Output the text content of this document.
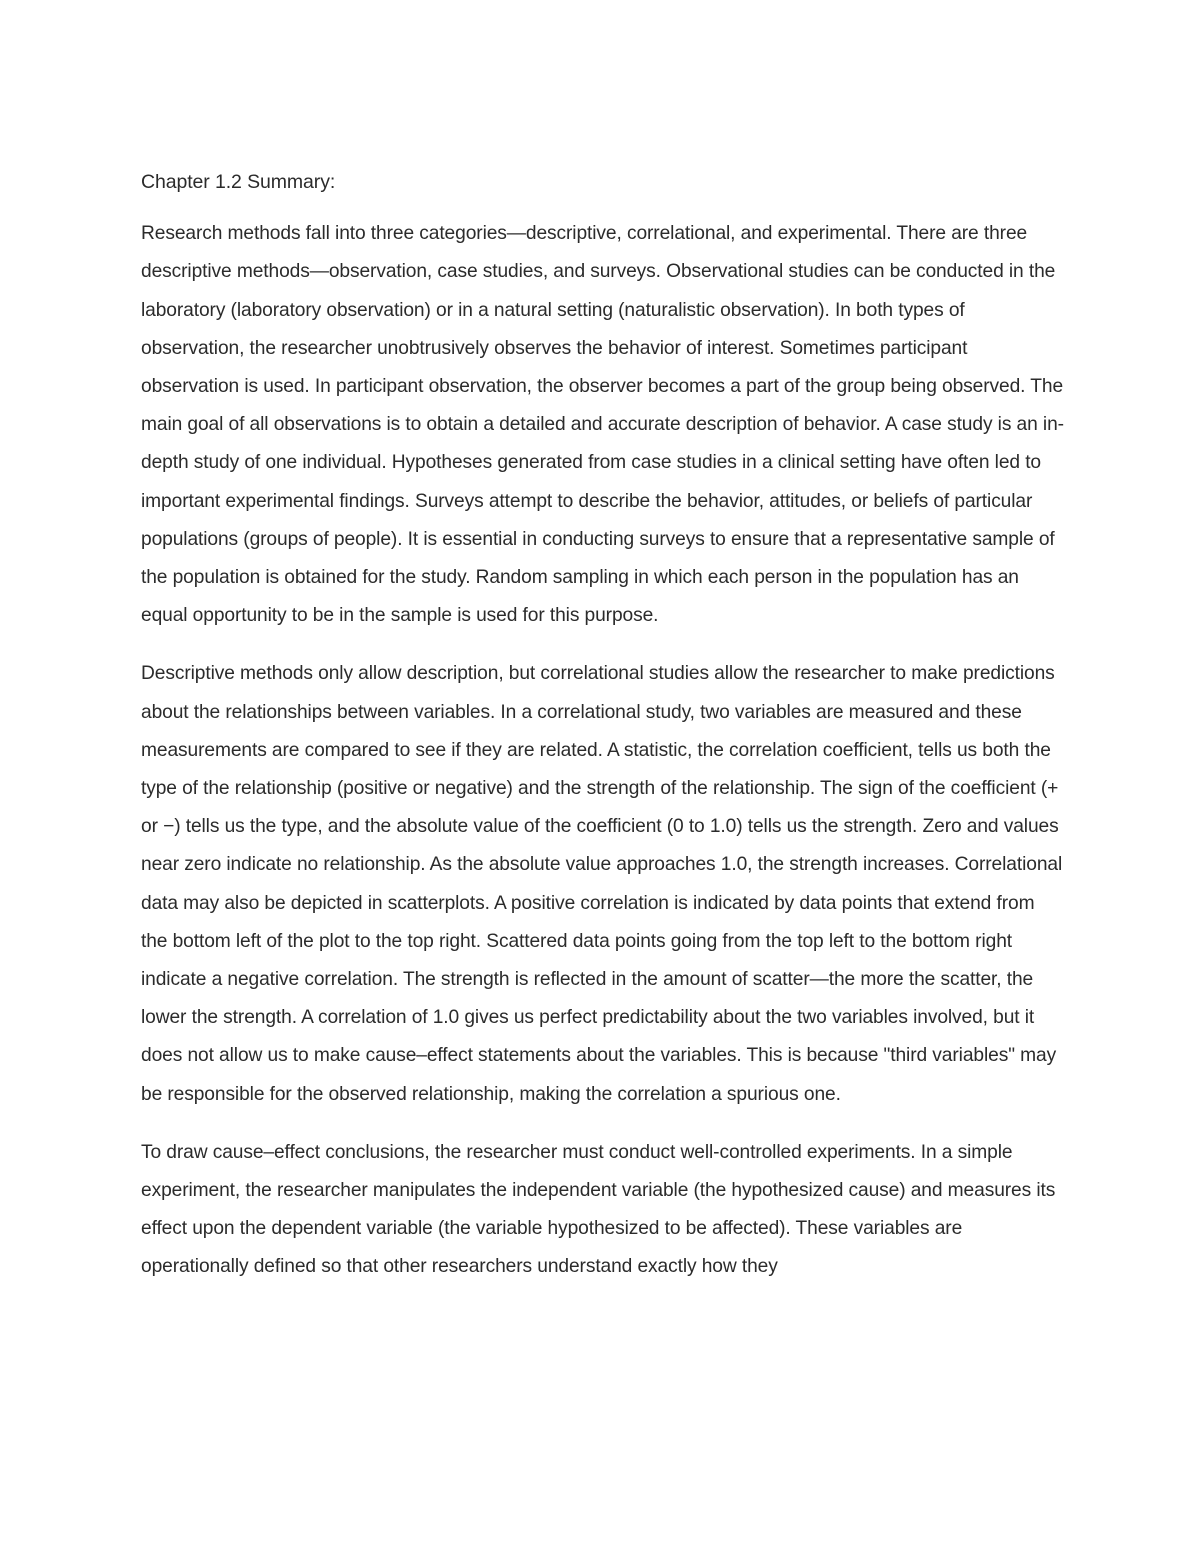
Chapter 1.2 Summary:

Research methods fall into three categories—descriptive, correlational, and experimental. There are three descriptive methods—observation, case studies, and surveys. Observational studies can be conducted in the laboratory (laboratory observation) or in a natural setting (naturalistic observation). In both types of observation, the researcher unobtrusively observes the behavior of interest. Sometimes participant observation is used. In participant observation, the observer becomes a part of the group being observed. The main goal of all observations is to obtain a detailed and accurate description of behavior. A case study is an in-depth study of one individual. Hypotheses generated from case studies in a clinical setting have often led to important experimental findings. Surveys attempt to describe the behavior, attitudes, or beliefs of particular populations (groups of people). It is essential in conducting surveys to ensure that a representative sample of the population is obtained for the study. Random sampling in which each person in the population has an equal opportunity to be in the sample is used for this purpose.

Descriptive methods only allow description, but correlational studies allow the researcher to make predictions about the relationships between variables. In a correlational study, two variables are measured and these measurements are compared to see if they are related. A statistic, the correlation coefficient, tells us both the type of the relationship (positive or negative) and the strength of the relationship. The sign of the coefficient (+ or −) tells us the type, and the absolute value of the coefficient (0 to 1.0) tells us the strength. Zero and values near zero indicate no relationship. As the absolute value approaches 1.0, the strength increases. Correlational data may also be depicted in scatterplots. A positive correlation is indicated by data points that extend from the bottom left of the plot to the top right. Scattered data points going from the top left to the bottom right indicate a negative correlation. The strength is reflected in the amount of scatter—the more the scatter, the lower the strength. A correlation of 1.0 gives us perfect predictability about the two variables involved, but it does not allow us to make cause–effect statements about the variables. This is because "third variables" may be responsible for the observed relationship, making the correlation a spurious one.

To draw cause–effect conclusions, the researcher must conduct well-controlled experiments. In a simple experiment, the researcher manipulates the independent variable (the hypothesized cause) and measures its effect upon the dependent variable (the variable hypothesized to be affected). These variables are operationally defined so that other researchers understand exactly how they
